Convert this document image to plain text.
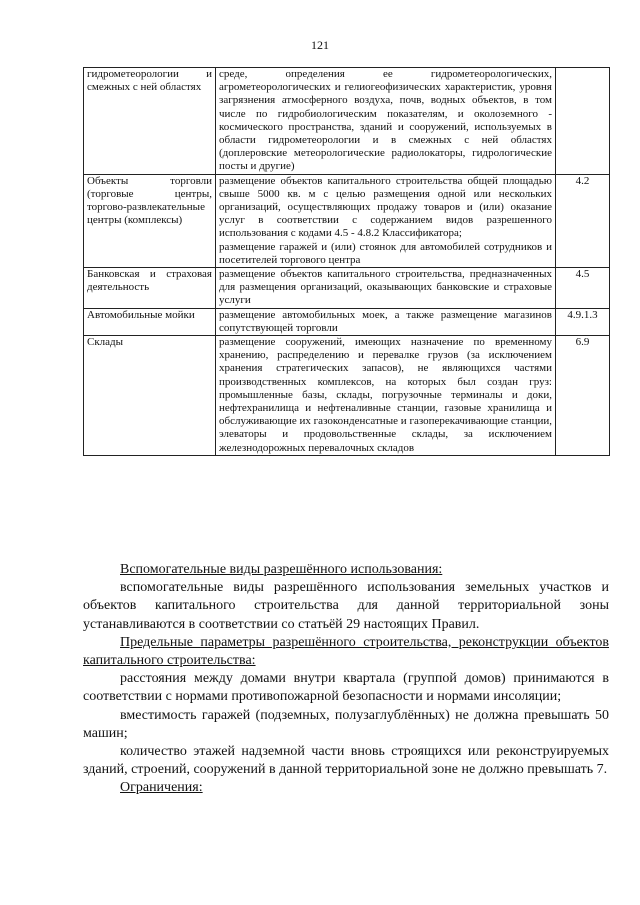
121
гидрометеорологии и смежных с ней областях	среде, определения ее гидрометеорологических, агрометеорологических и гелиогеофизических характеристик, уровня загрязнения атмосферного воздуха, почв, водных объектов, в том числе по гидробиологическим показателям, и околоземного - космического пространства, зданий и сооружений, используемых в области гидрометеорологии и в смежных с ней областях (доплеровские метеорологические радиолокаторы, гидрологические посты и другие)	

Объекты торговли (торговые центры, торгово-развлекательные центры (комплексы)	размещение объектов капитального строительства общей площадью свыше 5000 кв. м с целью размещения одной или нескольких организаций, осуществляющих продажу товаров и (или) оказание услуг в соответствии с содержанием видов разрешенного использования с кодами 4.5 - 4.8.2 Классификатора;
размещение гаражей и (или) стоянок для автомобилей сотрудников и посетителей торгового центра	4.2
Банковская и страховая деятельность	размещение объектов капитального строительства, предназначенных для размещения организаций, оказывающих банковские и страховые услуги	4.5
Автомобильные мойки	размещение автомобильных моек, а также размещение магазинов сопутствующей торговли	4.9.1.3
Склады	размещение сооружений, имеющих назначение по временному хранению, распределению и перевалке грузов (за исключением хранения стратегических запасов), не являющихся частями производственных комплексов, на которых был создан груз: промышленные базы, склады, погрузочные терминалы и доки, нефтехранилища и нефтеналивные станции, газовые хранилища и обслуживающие их газоконденсатные и газоперекачивающие станции, элеваторы и продовольственные склады, за исключением железнодорожных перевалочных складов	6.9

Вспомогательные виды разрешённого использования:

вспомогательные виды разрешённого использования земельных участков и объектов капитального строительства для данной территориальной зоны устанавливаются в соответствии со статьёй 29 настоящих Правил.

Предельные параметры разрешённого строительства, реконструкции объектов капитального строительства:

расстояния между домами внутри квартала (группой домов) принимаются в соответствии с нормами противопожарной безопасности и нормами инсоляции;

вместимость гаражей (подземных, полузаглублённых) не должна превышать 50 машин;

количество этажей надземной части вновь строящихся или реконструируемых зданий, строений, сооружений в данной территориальной зоне не должно превышать 7.

Ограничения:
